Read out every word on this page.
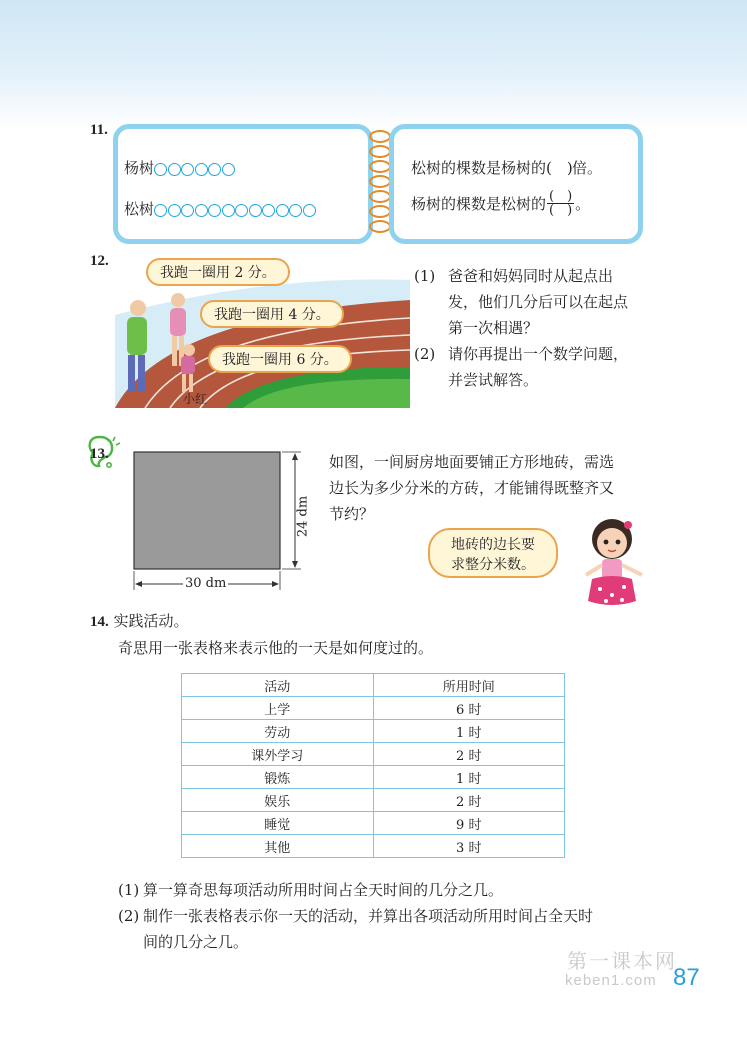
11.
杨树
松树
松树的棵数是杨树的(　)倍。
杨树的棵数是松树的 $\frac{( )}{( )}$ 。
12.
小红
我跑一圈用 2 分。
我跑一圈用 4 分。
我跑一圈用 6 分。
(1) 爸爸和妈妈同时从起点出
发，他们几分后可以在起点
第一次相遇？
(2) 请你再提出一个数学问题，
并尝试解答。
13.
24 dm
30 dm
如图，一间厨房地面要铺正方形地砖，需选
边长为多少分米的方砖，才能铺得既整齐又
节约？
地砖的边长要
求整分米数。
14. 实践活动。
奇思用一张表格来表示他的一天是如何度过的。
活动	所用时间
上学	6 时
劳动	1 时
课外学习	2 时
锻炼	1 时
娱乐	2 时
睡觉	9 时
其他	3 时
(1) 算一算奇思每项活动所用时间占全天时间的几分之几。
(2) 制作一张表格表示你一天的活动，并算出各项活动所用时间占全天时
间的几分之几。
第一课本网
keben1.com 87
